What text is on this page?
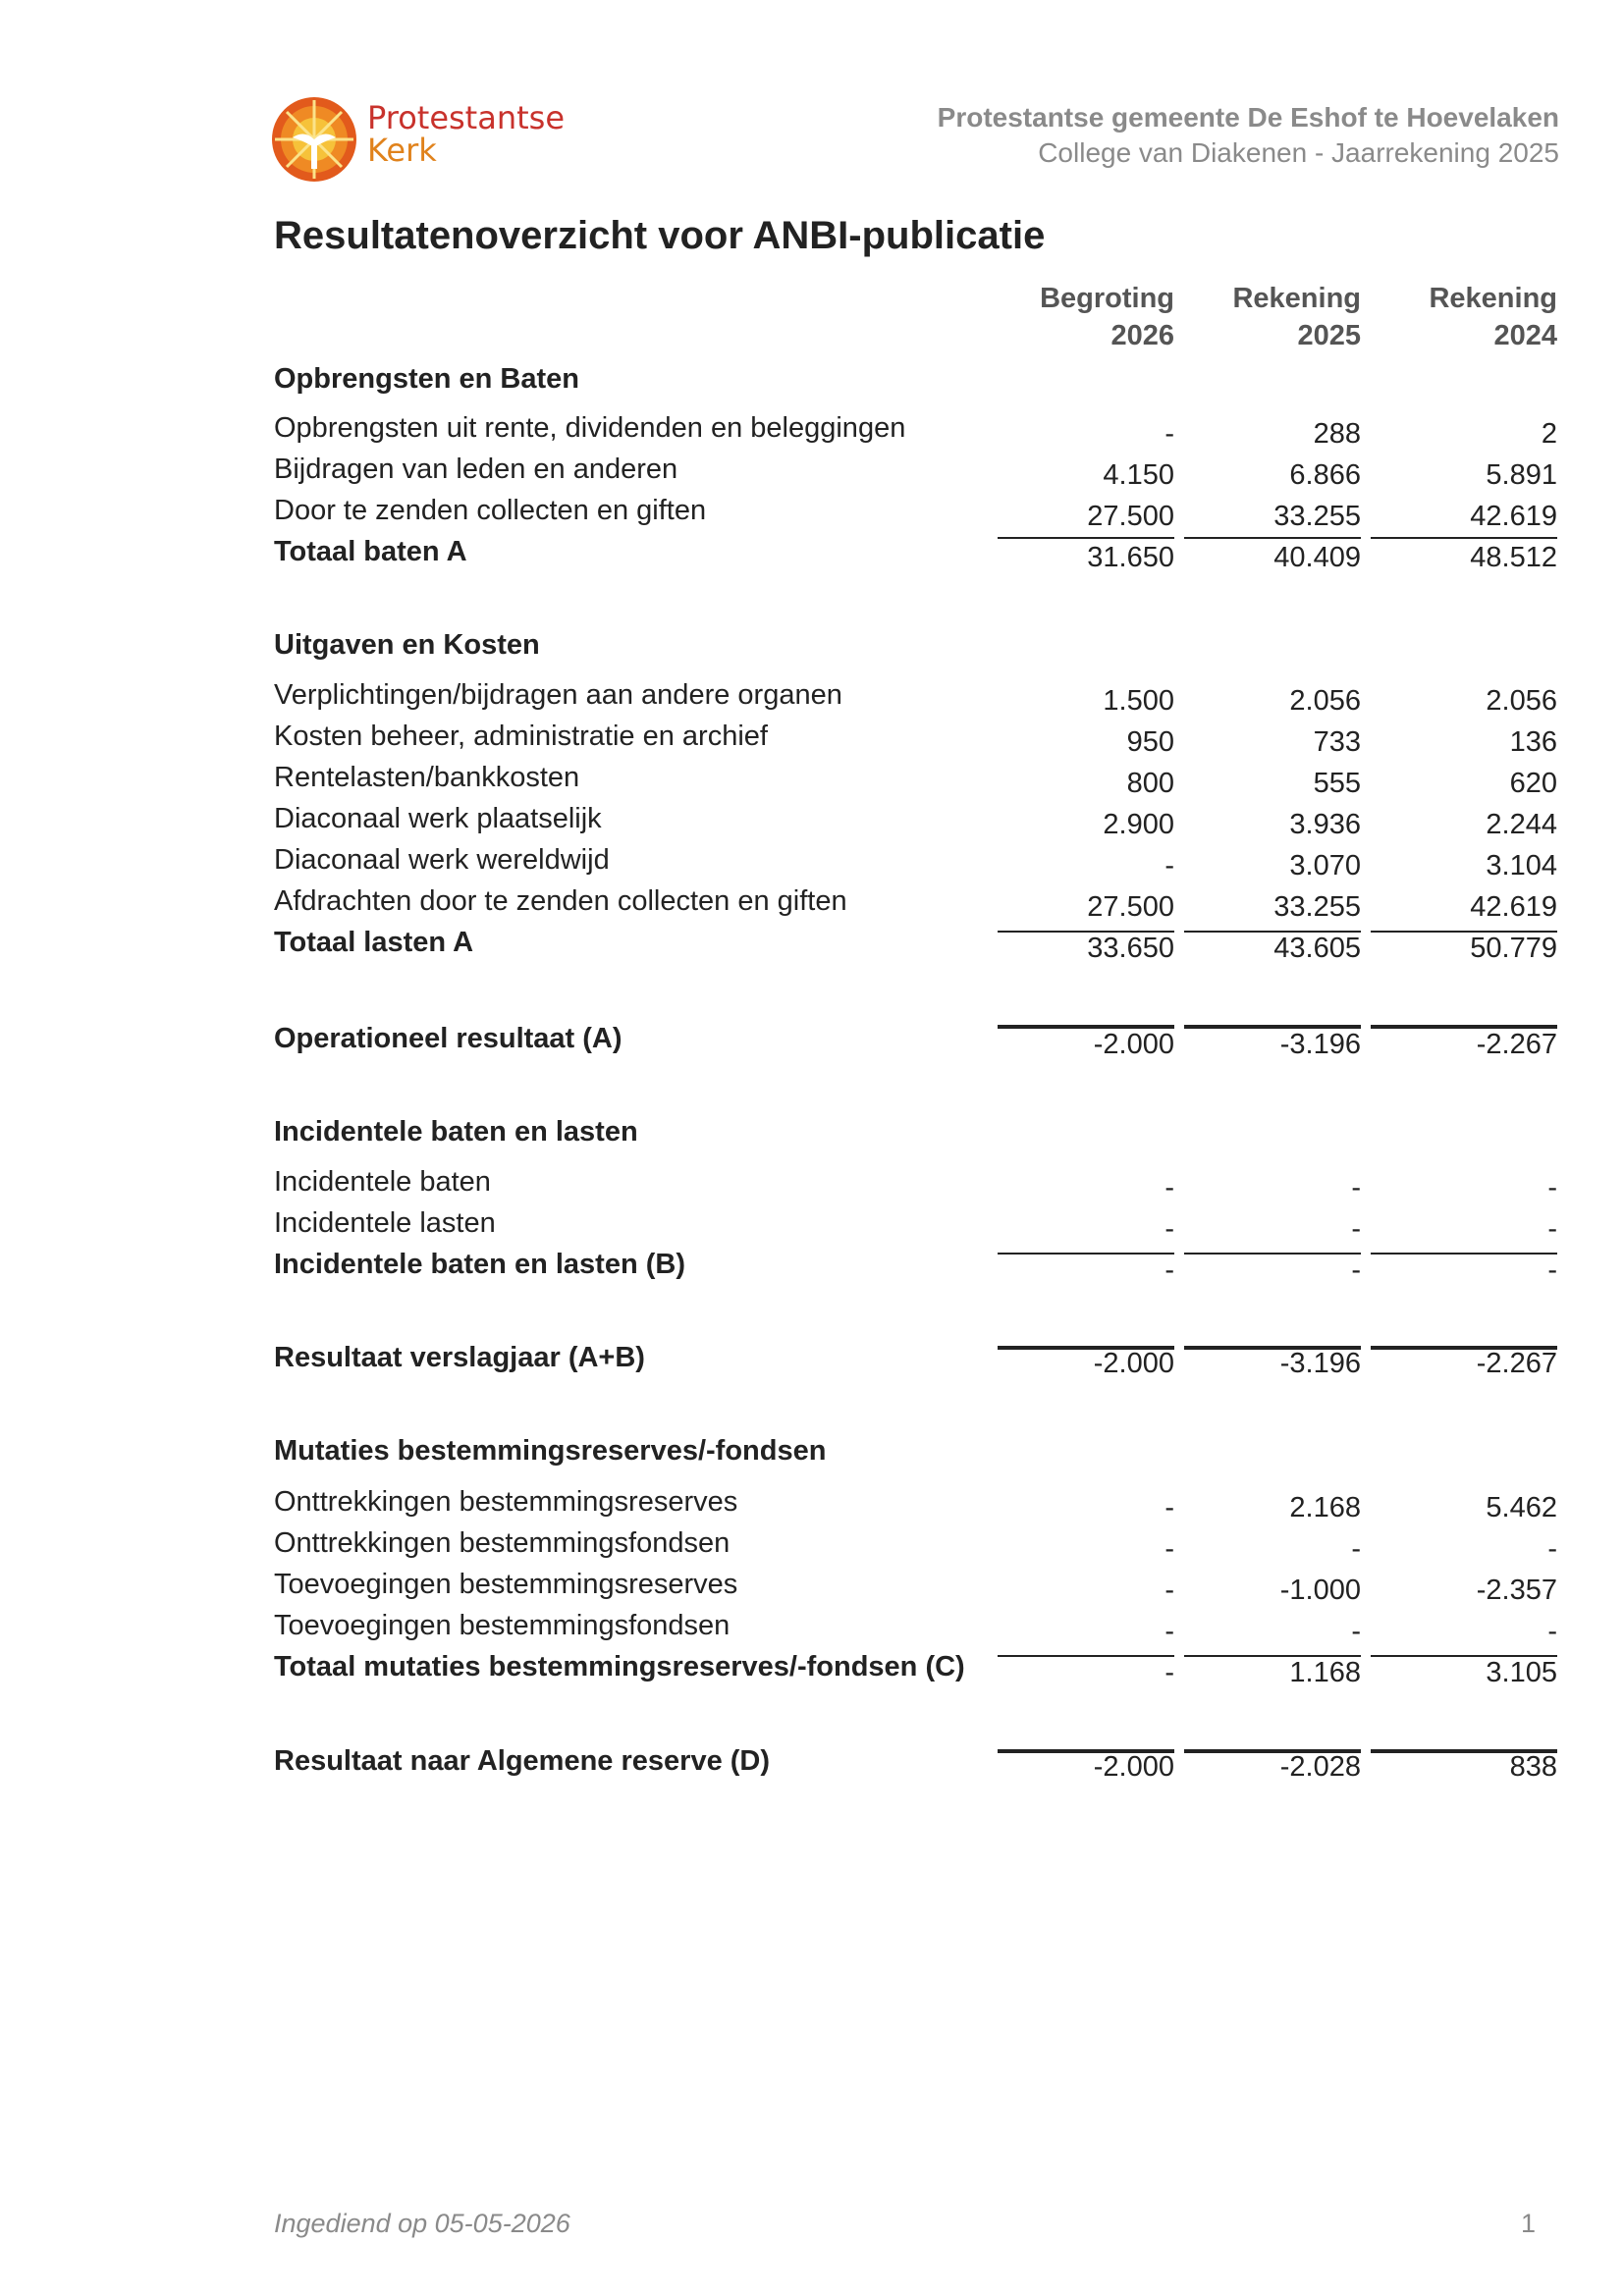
Protestantse
Kerk
Protestantse gemeente De Eshof te Hoevelaken
College van Diakenen - Jaarrekening 2025
Resultatenoverzicht voor ANBI-publicatie
Begroting
2026
Rekening
2025
Rekening
2024
Opbrengsten en Baten
Opbrengsten uit rente, dividenden en beleggingen	-	288	2
Bijdragen van leden en anderen	4.150	6.866	5.891
Door te zenden collecten en giften	27.500	33.255	42.619
Totaal baten A	31.650	40.409	48.512
Uitgaven en Kosten
Verplichtingen/bijdragen aan andere organen	1.500	2.056	2.056
Kosten beheer, administratie en archief	950	733	136
Rentelasten/bankkosten	800	555	620
Diaconaal werk plaatselijk	2.900	3.936	2.244
Diaconaal werk wereldwijd	-	3.070	3.104
Afdrachten door te zenden collecten en giften	27.500	33.255	42.619
Totaal lasten A	33.650	43.605	50.779
Operationeel resultaat (A)	-2.000	-3.196	-2.267
Incidentele baten en lasten
Incidentele baten	-	-	-
Incidentele lasten	-	-	-
Incidentele baten en lasten (B)	-	-	-
Resultaat verslagjaar (A+B)	-2.000	-3.196	-2.267
Mutaties bestemmingsreserves/-fondsen
Onttrekkingen bestemmingsreserves	-	2.168	5.462
Onttrekkingen bestemmingsfondsen	-	-	-
Toevoegingen bestemmingsreserves	-	-1.000	-2.357
Toevoegingen bestemmingsfondsen	-	-	-
Totaal mutaties bestemmingsreserves/-fondsen (C)	-	1.168	3.105
Resultaat naar Algemene reserve (D)	-2.000	-2.028	838
Ingediend op 05-05-2026	1
